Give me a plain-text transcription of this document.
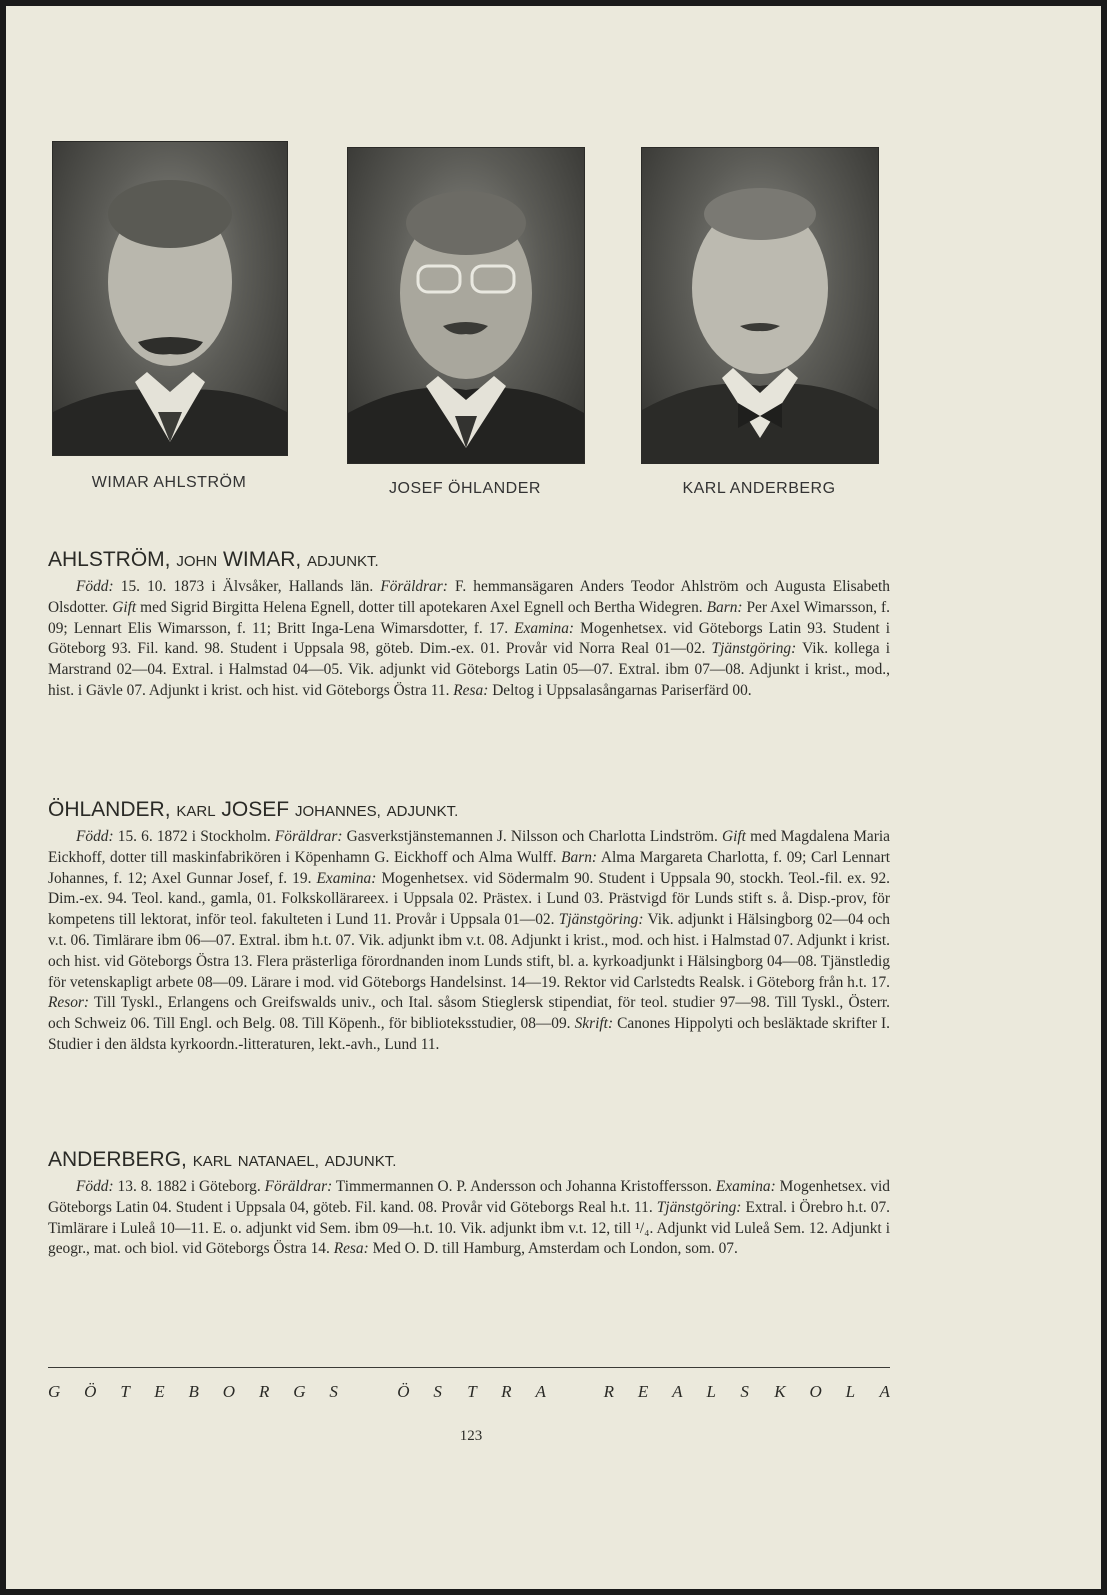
WIMAR AHLSTRÖM	JOSEF ÖHLANDER	KARL ANDERBERG
AHLSTRÖM, JOHN WIMAR, ADJUNKT.
Född: 15. 10. 1873 i Älvsåker, Hallands län. Föräldrar: F. hemmansägaren Anders Teodor Ahlström och Augusta Elisabeth Olsdotter. Gift med Sigrid Birgitta Helena Egnell, dotter till apotekaren Axel Egnell och Bertha Widegren. Barn: Per Axel Wimarsson, f. 09; Lennart Elis Wimarsson, f. 11; Britt Inga-Lena Wimarsdotter, f. 17. Examina: Mogenhetsex. vid Göteborgs Latin 93. Student i Göteborg 93. Fil. kand. 98. Student i Uppsala 98, göteb. Dim.-ex. 01. Provår vid Norra Real 01—02. Tjänstgöring: Vik. kollega i Marstrand 02—04. Extral. i Halmstad 04—05. Vik. adjunkt vid Göteborgs Latin 05—07. Extral. ibm 07—08. Adjunkt i krist., mod., hist. i Gävle 07. Adjunkt i krist. och hist. vid Göteborgs Östra 11. Resa: Deltog i Uppsalasångarnas Pariserfärd 00.
ÖHLANDER, KARL JOSEF JOHANNES, ADJUNKT.
Född: 15. 6. 1872 i Stockholm. Föräldrar: Gasverkstjänstemannen J. Nilsson och Charlotta Lindström. Gift med Magdalena Maria Eickhoff, dotter till maskinfabrikören i Köpenhamn G. Eickhoff och Alma Wulff. Barn: Alma Margareta Charlotta, f. 09; Carl Lennart Johannes, f. 12; Axel Gunnar Josef, f. 19. Examina: Mogenhetsex. vid Södermalm 90. Student i Uppsala 90, stockh. Teol.-fil. ex. 92. Dim.-ex. 94. Teol. kand., gamla, 01. Folkskollärareex. i Uppsala 02. Prästex. i Lund 03. Prästvigd för Lunds stift s. å. Disp.-prov, för kompetens till lektorat, inför teol. fakulteten i Lund 11. Provår i Uppsala 01—02. Tjänstgöring: Vik. adjunkt i Hälsingborg 02—04 och v.t. 06. Timlärare ibm 06—07. Extral. ibm h.t. 07. Vik. adjunkt ibm v.t. 08. Adjunkt i krist., mod. och hist. i Halmstad 07. Adjunkt i krist. och hist. vid Göteborgs Östra 13. Flera prästerliga förordnanden inom Lunds stift, bl. a. kyrkoadjunkt i Hälsingborg 04—08. Tjänstledig för vetenskapligt arbete 08—09. Lärare i mod. vid Göteborgs Handelsinst. 14—19. Rektor vid Carlstedts Realsk. i Göteborg från h.t. 17. Resor: Till Tyskl., Erlangens och Greifswalds univ., och Ital. såsom Stieglersk stipendiat, för teol. studier 97—98. Till Tyskl., Österr. och Schweiz 06. Till Engl. och Belg. 08. Till Köpenh., för biblioteksstudier, 08—09. Skrift: Canones Hippolyti och besläktade skrifter I. Studier i den äldsta kyrkoordn.-litteraturen, lekt.-avh., Lund 11.
ANDERBERG, KARL NATANAEL, ADJUNKT.
Född: 13. 8. 1882 i Göteborg. Föräldrar: Timmermannen O. P. Andersson och Johanna Kristoffersson. Examina: Mogenhetsex. vid Göteborgs Latin 04. Student i Uppsala 04, göteb. Fil. kand. 08. Provår vid Göteborgs Real h.t. 11. Tjänstgöring: Extral. i Örebro h.t. 07. Timlärare i Luleå 10—11. E. o. adjunkt vid Sem. ibm 09—h.t. 10. Vik. adjunkt ibm v.t. 12, till ¹/₄. Adjunkt vid Luleå Sem. 12. Adjunkt i geogr., mat. och biol. vid Göteborgs Östra 14. Resa: Med O. D. till Hamburg, Amsterdam och London, som. 07.
G Ö T E B O R G S	Ö S T R A	R E A L S K O L A
123
